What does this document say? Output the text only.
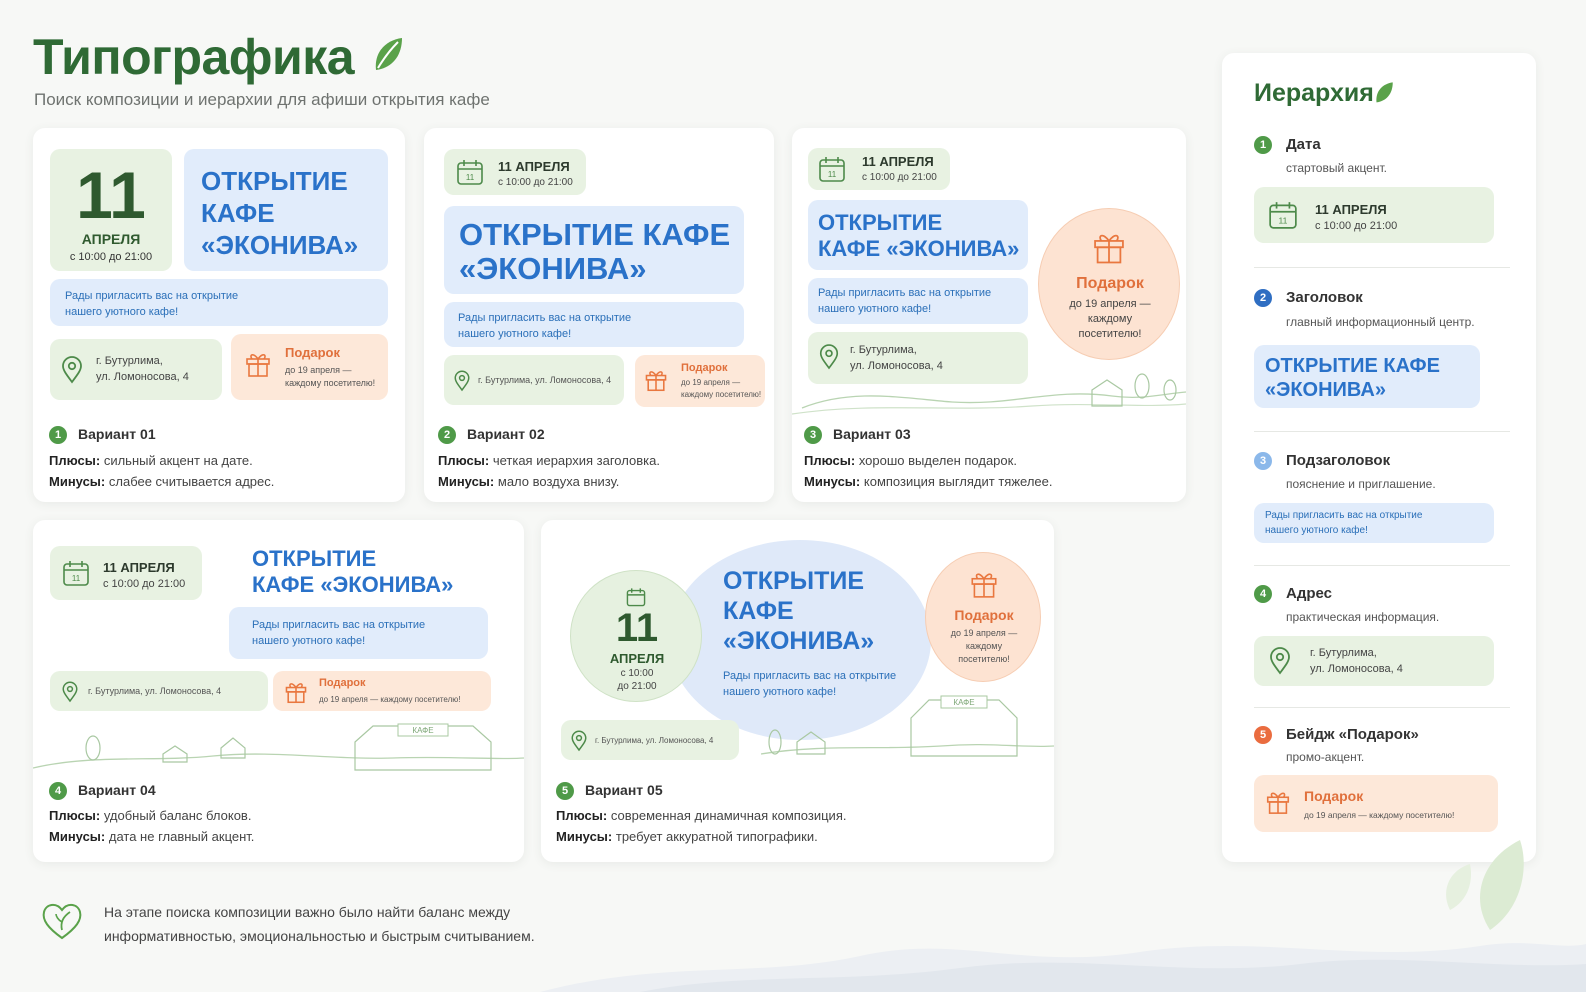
Типографика
Поиск композиции и иерархии для афиши открытия кафе
11
АПРЕЛЯ
с 10:00 до 21:00
ОТКРЫТИЕ
КАФЕ
«ЭКОНИВА»
Рады пригласить вас на открытие
нашего уютного кафе!
г. Бутурлима,
ул. Ломоносова, 4
Подарок
до 19 апреля —
каждому посетителю!
1	Вариант 01
Плюсы: сильный акцент на дате.
Минусы: слабее считывается адрес.
11
11 АПРЕЛЯ
с 10:00 до 21:00
ОТКРЫТИЕ КАФЕ
«ЭКОНИВА»
Рады пригласить вас на открытие
нашего уютного кафе!
г. Бутурлима, ул. Ломоносова, 4
Подарок
до 19 апреля —
каждому посетителю!
2	Вариант 02
Плюсы: четкая иерархия заголовка.
Минусы: мало воздуха внизу.
11
11 АПРЕЛЯ
с 10:00 до 21:00
ОТКРЫТИЕ
КАФЕ «ЭКОНИВА»
Рады пригласить вас на открытие
нашего уютного кафе!
г. Бутурлима,
ул. Ломоносова, 4
Подарок
до 19 апреля —
каждому
посетителю!
3	Вариант 03
Плюсы: хорошо выделен подарок.
Минусы: композиция выглядит тяжелее.
11
11 АПРЕЛЯ
с 10:00 до 21:00
ОТКРЫТИЕ
КАФЕ «ЭКОНИВА»
Рады пригласить вас на открытие
нашего уютного кафе!
г. Бутурлима, ул. Ломоносова, 4
Подарок
до 19 апреля — каждому посетителю!
КАФЕ
4	Вариант 04
Плюсы: удобный баланс блоков.
Минусы: дата не главный акцент.
11
АПРЕЛЯ
с 10:00
до 21:00
ОТКРЫТИЕ
КАФЕ
«ЭКОНИВА»
Рады пригласить вас на открытие
нашего уютного кафе!
Подарок
до 19 апреля —
каждому
посетителю!
г. Бутурлима, ул. Ломоносова, 4
КАФЕ
5	Вариант 05
Плюсы: современная динамичная композиция.
Минусы: требует аккуратной типографики.
Иерархия
1	Дата
стартовый акцент.
11
11 АПРЕЛЯ
с 10:00 до 21:00
2	Заголовок
главный информационный центр.
ОТКРЫТИЕ КАФЕ
«ЭКОНИВА»
3	Подзаголовок
пояснение и приглашение.
Рады пригласить вас на открытие
нашего уютного кафе!
4	Адрес
практическая информация.
г. Бутурлима,
ул. Ломоносова, 4
5	Бейдж «Подарок»
промо-акцент.
Подарок
до 19 апреля — каждому посетителю!
На этапе поиска композиции важно было найти баланс между
информативностью, эмоциональностью и быстрым считыванием.
